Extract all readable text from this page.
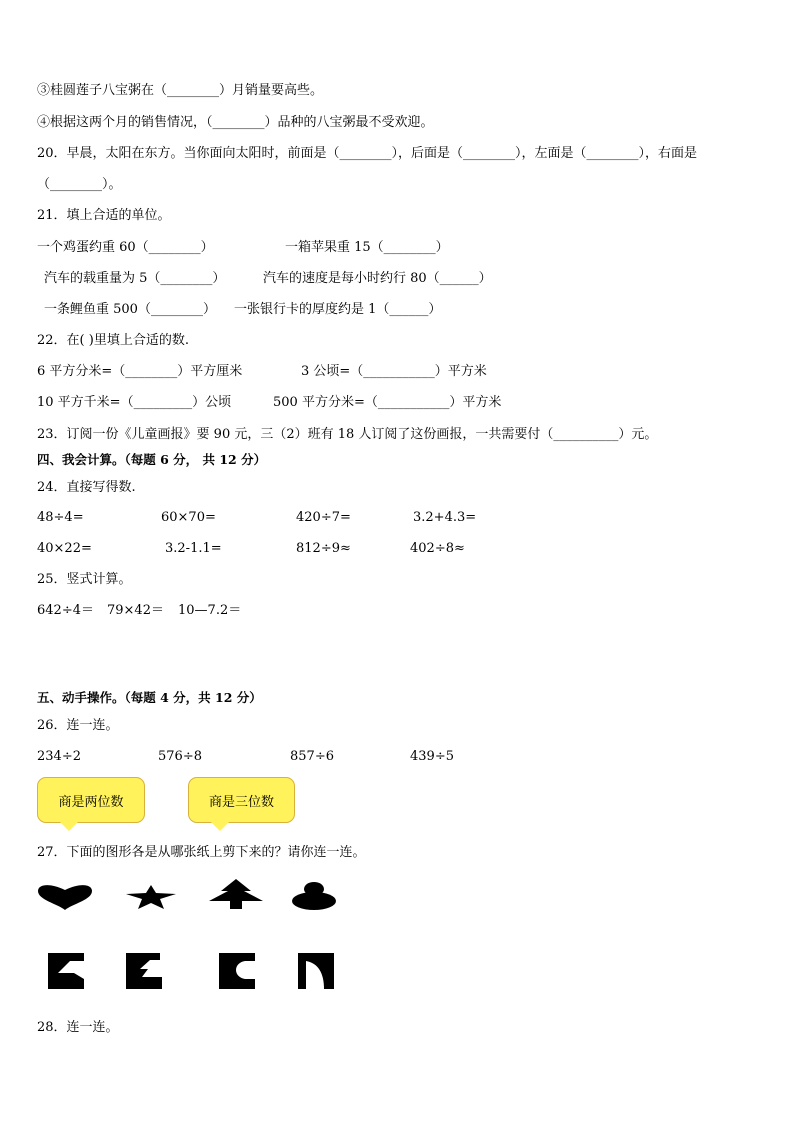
③桂圆莲子八宝粥在（________）月销量要高些。
④根据这两个月的销售情况，（________）品种的八宝粥最不受欢迎。
20．早晨，太阳在东方。当你面向太阳时，前面是（________），后面是（________），左面是（________），右面是
（________）。
21．填上合适的单位。
一个鸡蛋约重 60（________）	一箱苹果重 15（________）
汽车的载重量为 5（________）	汽车的速度是每小时约行 80（______）
一条鲤鱼重 500（________） 一张银行卡的厚度约是 1（______）
22．在( )里填上合适的数.
6 平方分米=（________）平方厘米	3 公顷=（___________）平方米
10 平方千米=（_________）公顷	500 平方分米=（___________）平方米
23．订阅一份《儿童画报》要 90 元，三（2）班有 18 人订阅了这份画报，一共需要付（__________）元。
四、我会计算。（每题 6 分， 共 12 分）
24．直接写得数.
48÷4=	60×70=	420÷7=	3.2+4.3=
40×22=	3.2-1.1=	812÷9≈	402÷8≈
25．竖式计算。
642÷4＝ 79×42＝ 10—7.2＝
五、动手操作。（每题 4 分，共 12 分）
26．连一连。
234÷2	576÷8	857÷6	439÷5
商是两位数	商是三位数
27．下面的图形各是从哪张纸上剪下来的？请你连一连。
28．连一连。
